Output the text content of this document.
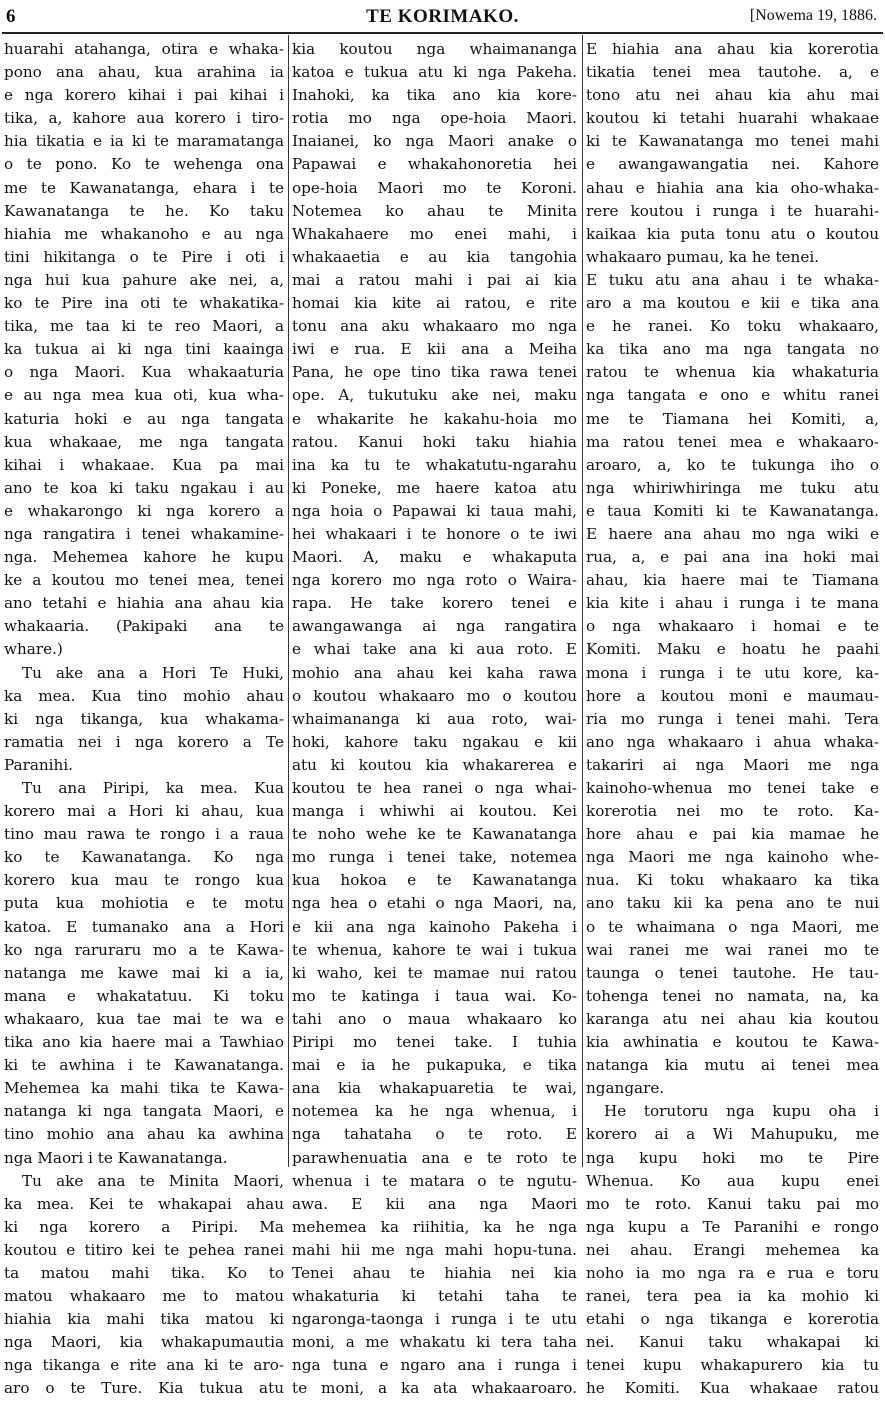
6	TE KORIMAKO.	[Nowema 19, 1886.
huarahi atahanga, otira e whaka-
pono ana ahau, kua arahina ia
e nga korero kihai i pai kihai i
tika, a, kahore aua korero i tiro-
hia tikatia e ia ki te maramatanga
o te pono. Ko te wehenga ona
me te Kawanatanga, ehara i te
Kawanatanga te he. Ko taku
hiahia me whakanoho e au nga
tini hikitanga o te Pire i oti i
nga hui kua pahure ake nei, a,
ko te Pire ina oti te whakatika-
tika, me taa ki te reo Maori, a
ka tukua ai ki nga tini kaainga
o nga Maori. Kua whakaaturia
e au nga mea kua oti, kua wha-
katuria hoki e au nga tangata
kua whakaae, me nga tangata
kihai i whakaae. Kua pa mai
ano te koa ki taku ngakau i au
e whakarongo ki nga korero a
nga rangatira i tenei whakamine-
nga. Mehemea kahore he kupu
ke a koutou mo tenei mea, tenei
ano tetahi e hiahia ana ahau kia
whakaaria. (Pakipaki ana te
whare.)
Tu ake ana a Hori Te Huki,
ka mea. Kua tino mohio ahau
ki nga tikanga, kua whakama-
ramatia nei i nga korero a Te
Paranihi.
Tu ana Piripi, ka mea. Kua
korero mai a Hori ki ahau, kua
tino mau rawa te rongo i a raua
ko te Kawanatanga. Ko nga
korero kua mau te rongo kua
puta kua mohiotia e te motu
katoa. E tumanako ana a Hori
ko nga raruraru mo a te Kawa-
natanga me kawe mai ki a ia,
mana e whakatatuu. Ki toku
whakaaro, kua tae mai te wa e
tika ano kia haere mai a Tawhiao
ki te awhina i te Kawanatanga.
Mehemea ka mahi tika te Kawa-
natanga ki nga tangata Maori, e
tino mohio ana ahau ka awhina
nga Maori i te Kawanatanga.
Tu ake ana te Minita Maori,
ka mea. Kei te whakapai ahau
ki nga korero a Piripi. Ma
koutou e titiro kei te pehea ranei
ta matou mahi tika. Ko to
matou whakaaro me to matou
hiahia kia mahi tika matou ki
nga Maori, kia whakapumautia
nga tikanga e rite ana ki te aro-
aro o te Ture. Kia tukua atu
kia koutou nga whaimananga
katoa e tukua atu ki nga Pakeha.
Inahoki, ka tika ano kia kore-
rotia mo nga ope-hoia Maori.
Inaianei, ko nga Maori anake o
Papawai e whakahonoretia hei
ope-hoia Maori mo te Koroni.
Notemea ko ahau te Minita
Whakahaere mo enei mahi, i
whakaaetia e au kia tangohia
mai a ratou mahi i pai ai kia
homai kia kite ai ratou, e rite
tonu ana aku whakaaro mo nga
iwi e rua. E kii ana a Meiha
Pana, he ope tino tika rawa tenei
ope. A, tukutuku ake nei, maku
e whakarite he kakahu-hoia mo
ratou. Kanui hoki taku hiahia
ina ka tu te whakatutu-ngarahu
ki Poneke, me haere katoa atu
nga hoia o Papawai ki taua mahi,
hei whakaari i te honore o te iwi
Maori. A, maku e whakaputa
nga korero mo nga roto o Waira-
rapa. He take korero tenei e
awangawanga ai nga rangatira
e whai take ana ki aua roto. E
mohio ana ahau kei kaha rawa
o koutou whakaaro mo o koutou
whaimananga ki aua roto, wai-
hoki, kahore taku ngakau e kii
atu ki koutou kia whakarerea e
koutou te hea ranei o nga whai-
manga i whiwhi ai koutou. Kei
te noho wehe ke te Kawanatanga
mo runga i tenei take, notemea
kua hokoa e te Kawanatanga
nga hea o etahi o nga Maori, na,
e kii ana nga kainoho Pakeha i
te whenua, kahore te wai i tukua
ki waho, kei te mamae nui ratou
mo te katinga i taua wai. Ko-
tahi ano o maua whakaaro ko
Piripi mo tenei take. I tuhia
mai e ia he pukapuka, e tika
ana kia whakapuaretia te wai,
notemea ka he nga whenua, i
nga tahataha o te roto. E
parawhenuatia ana e te roto te
whenua i te matara o te ngutu-
awa. E kii ana nga Maori
mehemea ka riihitia, ka he nga
mahi hii me nga mahi hopu-tuna.
Tenei ahau te hiahia nei kia
whakaturia ki tetahi taha te
ngaronga-taonga i runga i te utu
moni, a me whakatu ki tera taha
nga tuna e ngaro ana i runga i
te moni, a ka ata whakaaroaro.
E hiahia ana ahau kia korerotia
tikatia tenei mea tautohe. a, e
tono atu nei ahau kia ahu mai
koutou ki tetahi huarahi whakaae
ki te Kawanatanga mo tenei mahi
e awangawangatia nei. Kahore
ahau e hiahia ana kia oho-whaka-
rere koutou i runga i te huarahi-
kaikaa kia puta tonu atu o koutou
whakaaro pumau, ka he tenei.
E tuku atu ana ahau i te whaka-
aro a ma koutou e kii e tika ana
e he ranei. Ko toku whakaaro,
ka tika ano ma nga tangata no
ratou te whenua kia whakaturia
nga tangata e ono e whitu ranei
me te Tiamana hei Komiti, a,
ma ratou tenei mea e whakaaro-
aroaro, a, ko te tukunga iho o
nga whiriwhiringa me tuku atu
e taua Komiti ki te Kawanatanga.
E haere ana ahau mo nga wiki e
rua, a, e pai ana ina hoki mai
ahau, kia haere mai te Tiamana
kia kite i ahau i runga i te mana
o nga whakaaro i homai e te
Komiti. Maku e hoatu he paahi
mona i runga i te utu kore, ka-
hore a koutou moni e maumau-
ria mo runga i tenei mahi. Tera
ano nga whakaaro i ahua whaka-
takariri ai nga Maori me nga
kainoho-whenua mo tenei take e
korerotia nei mo te roto. Ka-
hore ahau e pai kia mamae he
nga Maori me nga kainoho whe-
nua. Ki toku whakaaro ka tika
ano taku kii ka pena ano te nui
o te whaimana o nga Maori, me
wai ranei me wai ranei mo te
taunga o tenei tautohe. He tau-
tohenga tenei no namata, na, ka
karanga atu nei ahau kia koutou
kia awhinatia e koutou te Kawa-
natanga kia mutu ai tenei mea
ngangare.
He torutoru nga kupu oha i
korero ai a Wi Mahupuku, me
nga kupu hoki mo te Pire
Whenua. Ko aua kupu enei
mo te roto. Kanui taku pai mo
nga kupu a Te Paranihi e rongo
nei ahau. Erangi mehemea ka
noho ia mo nga ra e rua e toru
ranei, tera pea ia ka mohio ki
etahi o nga tikanga e korerotia
nei. Kanui taku whakapai ki
tenei kupu whakapurero kia tu
he Komiti. Kua whakaae ratou
